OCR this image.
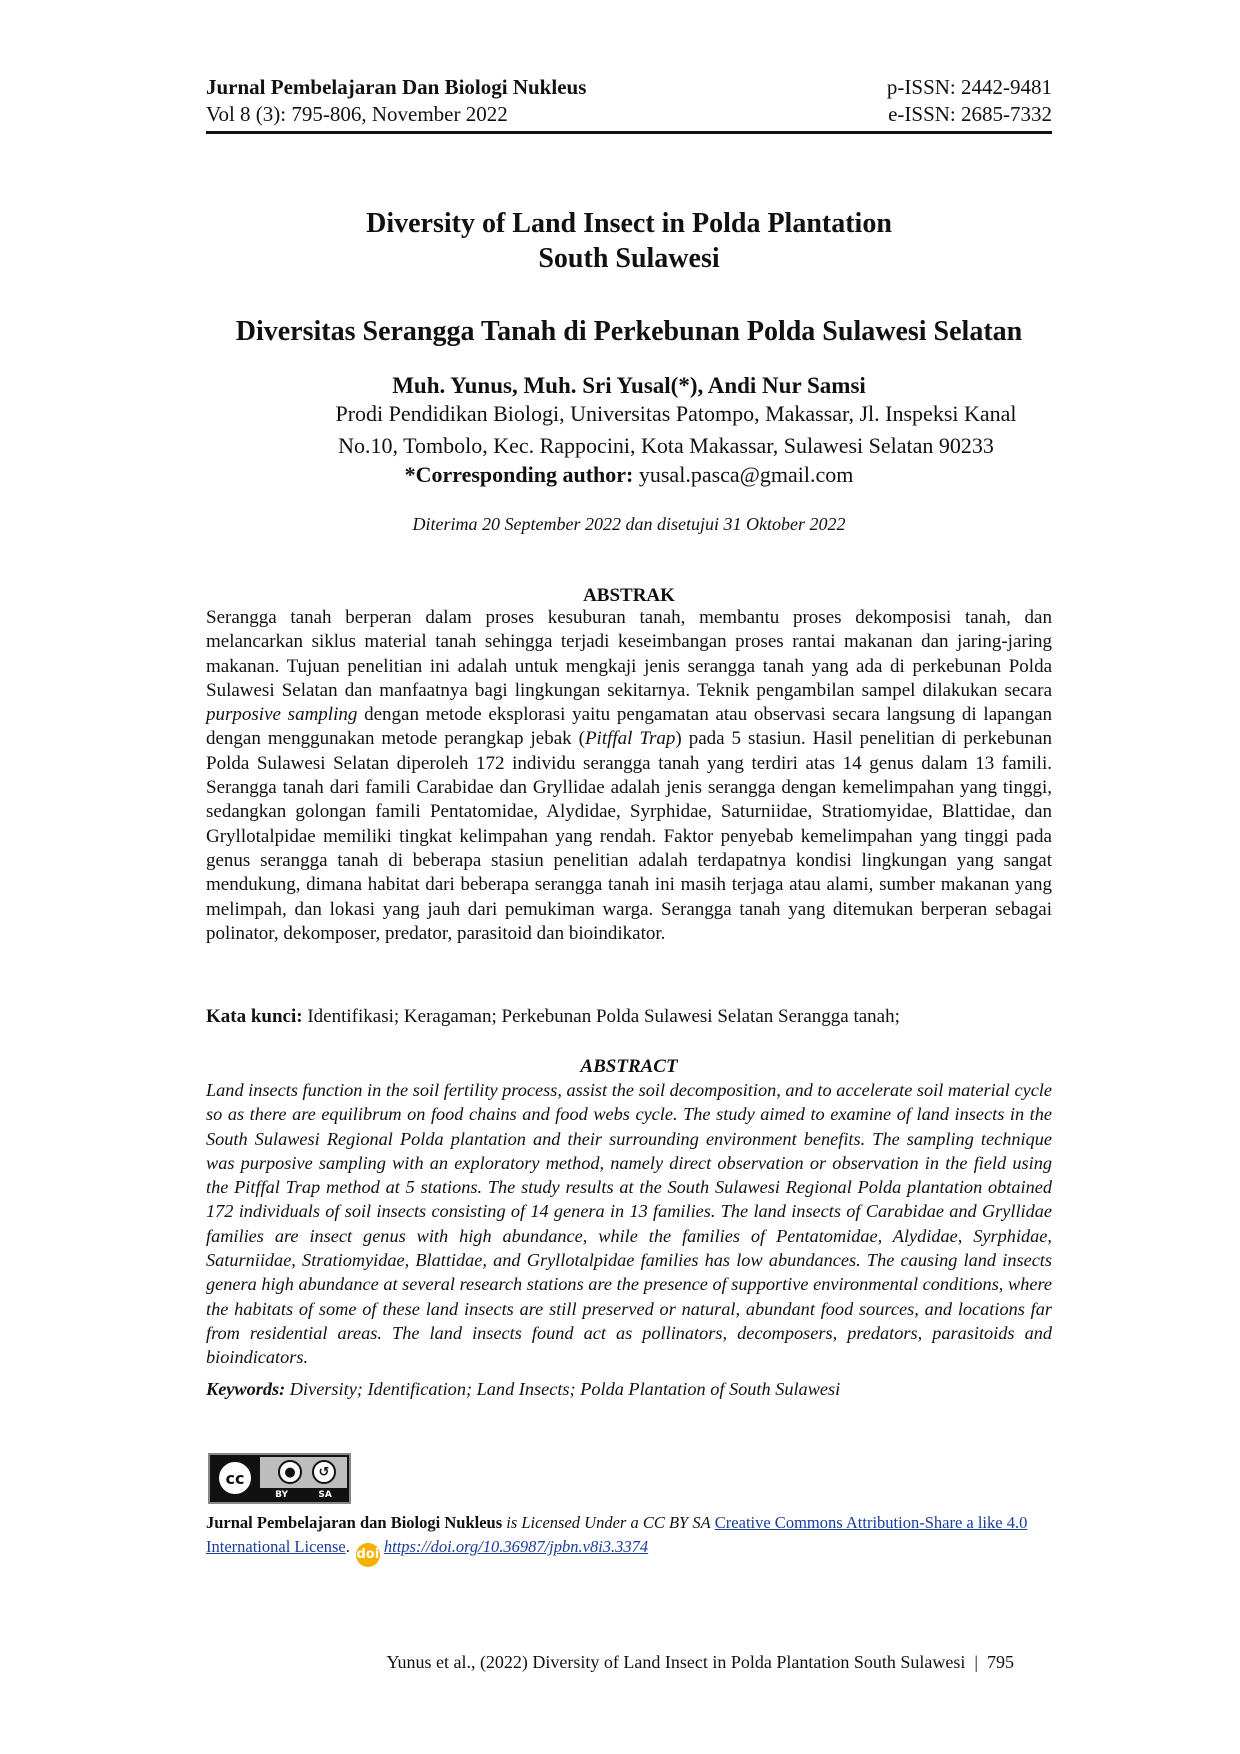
Jurnal Pembelajaran Dan Biologi Nukleus	p-ISSN: 2442-9481
Vol 8 (3): 795-806, November 2022	e-ISSN: 2685-7332
Diversity of Land Insect in Polda Plantation
South Sulawesi
Diversitas Serangga Tanah di Perkebunan Polda Sulawesi Selatan
Muh. Yunus, Muh. Sri Yusal(*), Andi Nur Samsi
Prodi Pendidikan Biologi, Universitas Patompo, Makassar, Jl. Inspeksi Kanal
No.10, Tombolo, Kec. Rappocini, Kota Makassar, Sulawesi Selatan 90233
*Corresponding author: yusal.pasca@gmail.com
Diterima 20 September 2022 dan disetujui 31 Oktober 2022
ABSTRAK
Serangga tanah berperan dalam proses kesuburan tanah, membantu proses dekomposisi tanah, dan melancarkan siklus material tanah sehingga terjadi keseimbangan proses rantai makanan dan jaring-jaring makanan. Tujuan penelitian ini adalah untuk mengkaji jenis serangga tanah yang ada di perkebunan Polda Sulawesi Selatan dan manfaatnya bagi lingkungan sekitarnya. Teknik pengambilan sampel dilakukan secara purposive sampling dengan metode eksplorasi yaitu pengamatan atau observasi secara langsung di lapangan dengan menggunakan metode perangkap jebak (Pitffal Trap) pada 5 stasiun. Hasil penelitian di perkebunan Polda Sulawesi Selatan diperoleh 172 individu serangga tanah yang terdiri atas 14 genus dalam 13 famili. Serangga tanah dari famili Carabidae dan Gryllidae adalah jenis serangga dengan kemelimpahan yang tinggi, sedangkan golongan famili Pentatomidae, Alydidae, Syrphidae, Saturniidae, Stratiomyidae, Blattidae, dan Gryllotalpidae memiliki tingkat kelimpahan yang rendah. Faktor penyebab kemelimpahan yang tinggi pada genus serangga tanah di beberapa stasiun penelitian adalah terdapatnya kondisi lingkungan yang sangat mendukung, dimana habitat dari beberapa serangga tanah ini masih terjaga atau alami, sumber makanan yang melimpah, dan lokasi yang jauh dari pemukiman warga. Serangga tanah yang ditemukan berperan sebagai polinator, dekomposer, predator, parasitoid dan bioindikator.
Kata kunci: Identifikasi; Keragaman; Perkebunan Polda Sulawesi Selatan Serangga tanah;
ABSTRACT
Land insects function in the soil fertility process, assist the soil decomposition, and to accelerate soil material cycle so as there are equilibrum on food chains and food webs cycle. The study aimed to examine of land insects in the South Sulawesi Regional Polda plantation and their surrounding environment benefits. The sampling technique was purposive sampling with an exploratory method, namely direct observation or observation in the field using the Pitffal Trap method at 5 stations. The study results at the South Sulawesi Regional Polda plantation obtained 172 individuals of soil insects consisting of 14 genera in 13 families. The land insects of Carabidae and Gryllidae families are insect genus with high abundance, while the families of Pentatomidae, Alydidae, Syrphidae, Saturniidae, Stratiomyidae, Blattidae, and Gryllotalpidae families has low abundances. The causing land insects genera high abundance at several research stations are the presence of supportive environmental conditions, where the habitats of some of these land insects are still preserved or natural, abundant food sources, and locations far from residential areas. The land insects found act as pollinators, decomposers, predators, parasitoids and bioindicators.
Keywords: Diversity; Identification; Land Insects; Polda Plantation of South Sulawesi
cc	●	↺
BY	SA
Jurnal Pembelajaran dan Biologi Nukleus is Licensed Under a CC BY SA Creative Commons Attribution-Share a like 4.0 International License. doi https://doi.org/10.36987/jpbn.v8i3.3374
Yunus et al., (2022) Diversity of Land Insect in Polda Plantation South Sulawesi | 795
